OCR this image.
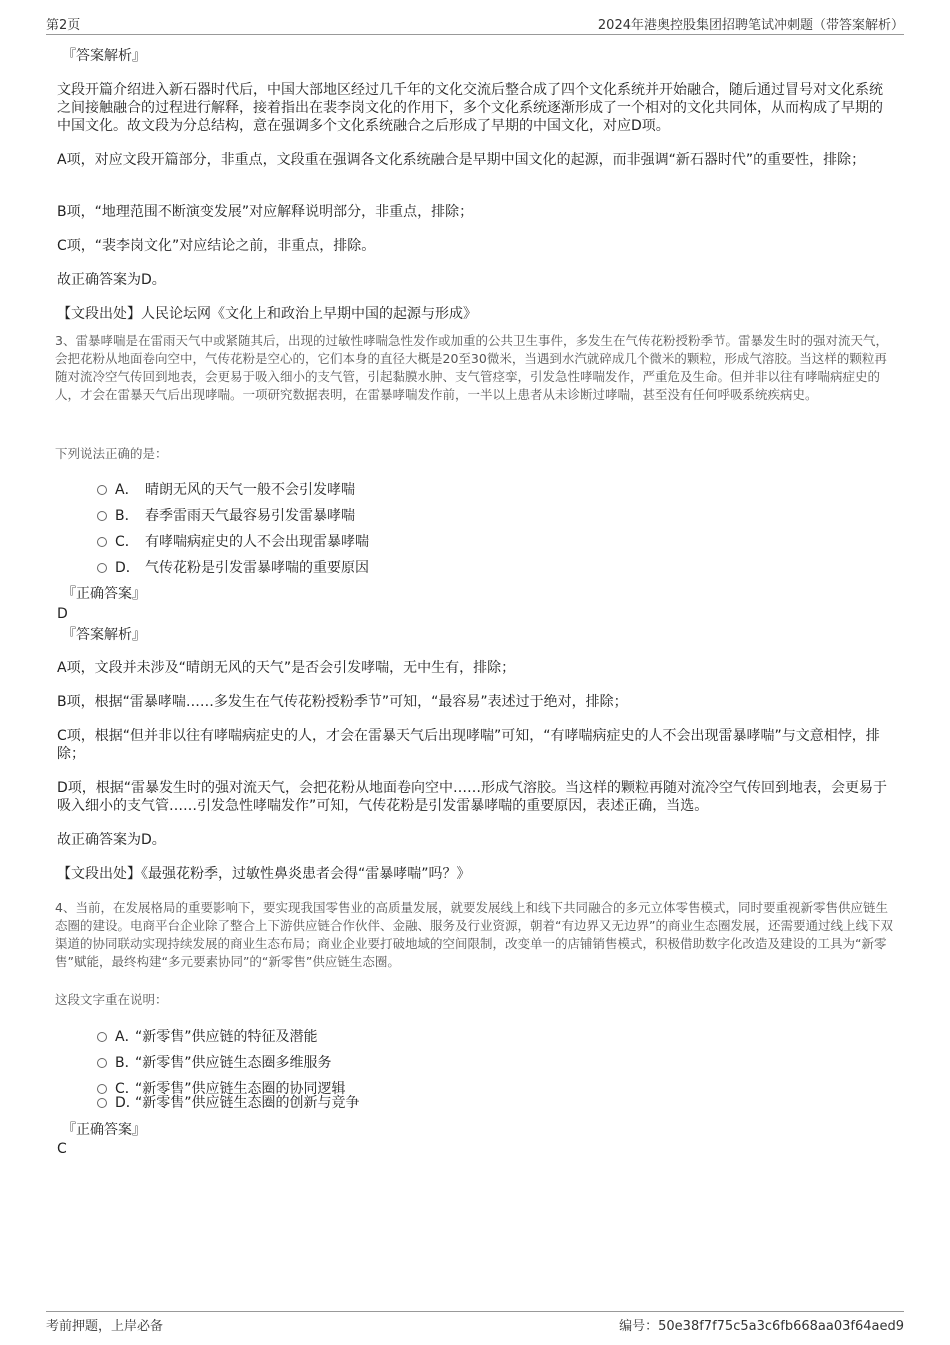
第2页	2024年港奥控股集团招聘笔试冲刺题（带答案解析）

『答案解析』

文段开篇介绍进入新石器时代后，中国大部地区经过几千年的文化交流后整合成了四个文化系统并开始融合，随后通过冒号对文化系统之间接触融合的过程进行解释，接着指出在裴李岗文化的作用下，多个文化系统逐渐形成了一个相对的文化共同体，从而构成了早期的中国文化。故文段为分总结构，意在强调多个文化系统融合之后形成了早期的中国文化，对应D项。

A项，对应文段开篇部分，非重点，文段重在强调各文化系统融合是早期中国文化的起源，而非强调“新石器时代”的重要性，排除；

B项，“地理范围不断演变发展”对应解释说明部分，非重点，排除；

C项，“裴李岗文化”对应结论之前，非重点，排除。

故正确答案为D。

【文段出处】人民论坛网《文化上和政治上早期中国的起源与形成》

3、雷暴哮喘是在雷雨天气中或紧随其后，出现的过敏性哮喘急性发作或加重的公共卫生事件，多发生在气传花粉授粉季节。雷暴发生时的强对流天气，会把花粉从地面卷向空中，气传花粉是空心的，它们本身的直径大概是20至30微米，当遇到水汽就碎成几个微米的颗粒，形成气溶胶。当这样的颗粒再随对流冷空气传回到地表，会更易于吸入细小的支气管，引起黏膜水肿、支气管痉挛，引发急性哮喘发作，严重危及生命。但并非以往有哮喘病症史的人，才会在雷暴天气后出现哮喘。一项研究数据表明，在雷暴哮喘发作前，一半以上患者从未诊断过哮喘，甚至没有任何呼吸系统疾病史。

下列说法正确的是：

A． 晴朗无风的天气一般不会引发哮喘
B． 春季雷雨天气最容易引发雷暴哮喘
C． 有哮喘病症史的人不会出现雷暴哮喘
D． 气传花粉是引发雷暴哮喘的重要原因

『正确答案』

D

『答案解析』

A项，文段并未涉及“晴朗无风的天气”是否会引发哮喘，无中生有，排除；

B项，根据“雷暴哮喘……多发生在气传花粉授粉季节”可知，“最容易”表述过于绝对，排除；

C项，根据“但并非以往有哮喘病症史的人，才会在雷暴天气后出现哮喘”可知，“有哮喘病症史的人不会出现雷暴哮喘”与文意相悖，排除；

D项，根据“雷暴发生时的强对流天气，会把花粉从地面卷向空中……形成气溶胶。当这样的颗粒再随对流冷空气传回到地表，会更易于吸入细小的支气管……引发急性哮喘发作”可知，气传花粉是引发雷暴哮喘的重要原因，表述正确，当选。

故正确答案为D。

【文段出处】《最强花粉季，过敏性鼻炎患者会得“雷暴哮喘”吗？》

4、当前，在发展格局的重要影响下，要实现我国零售业的高质量发展，就要发展线上和线下共同融合的多元立体零售模式，同时要重视新零售供应链生态圈的建设。电商平台企业除了整合上下游供应链合作伙伴、金融、服务及行业资源，朝着“有边界又无边界”的商业生态圈发展，还需要通过线上线下双渠道的协同联动实现持续发展的商业生态布局；商业企业要打破地域的空间限制，改变单一的店铺销售模式，积极借助数字化改造及建设的工具为“新零售”赋能，最终构建“多元要素协同”的“新零售”供应链生态圈。

这段文字重在说明：

A．“新零售”供应链的特征及潜能
B．“新零售”供应链生态圈多维服务
C．“新零售”供应链生态圈的协同逻辑
D．“新零售”供应链生态圈的创新与竞争

『正确答案』

C

考前押题，上岸必备	编号：50e38f7f75c5a3c6fb668aa03f64aed9
